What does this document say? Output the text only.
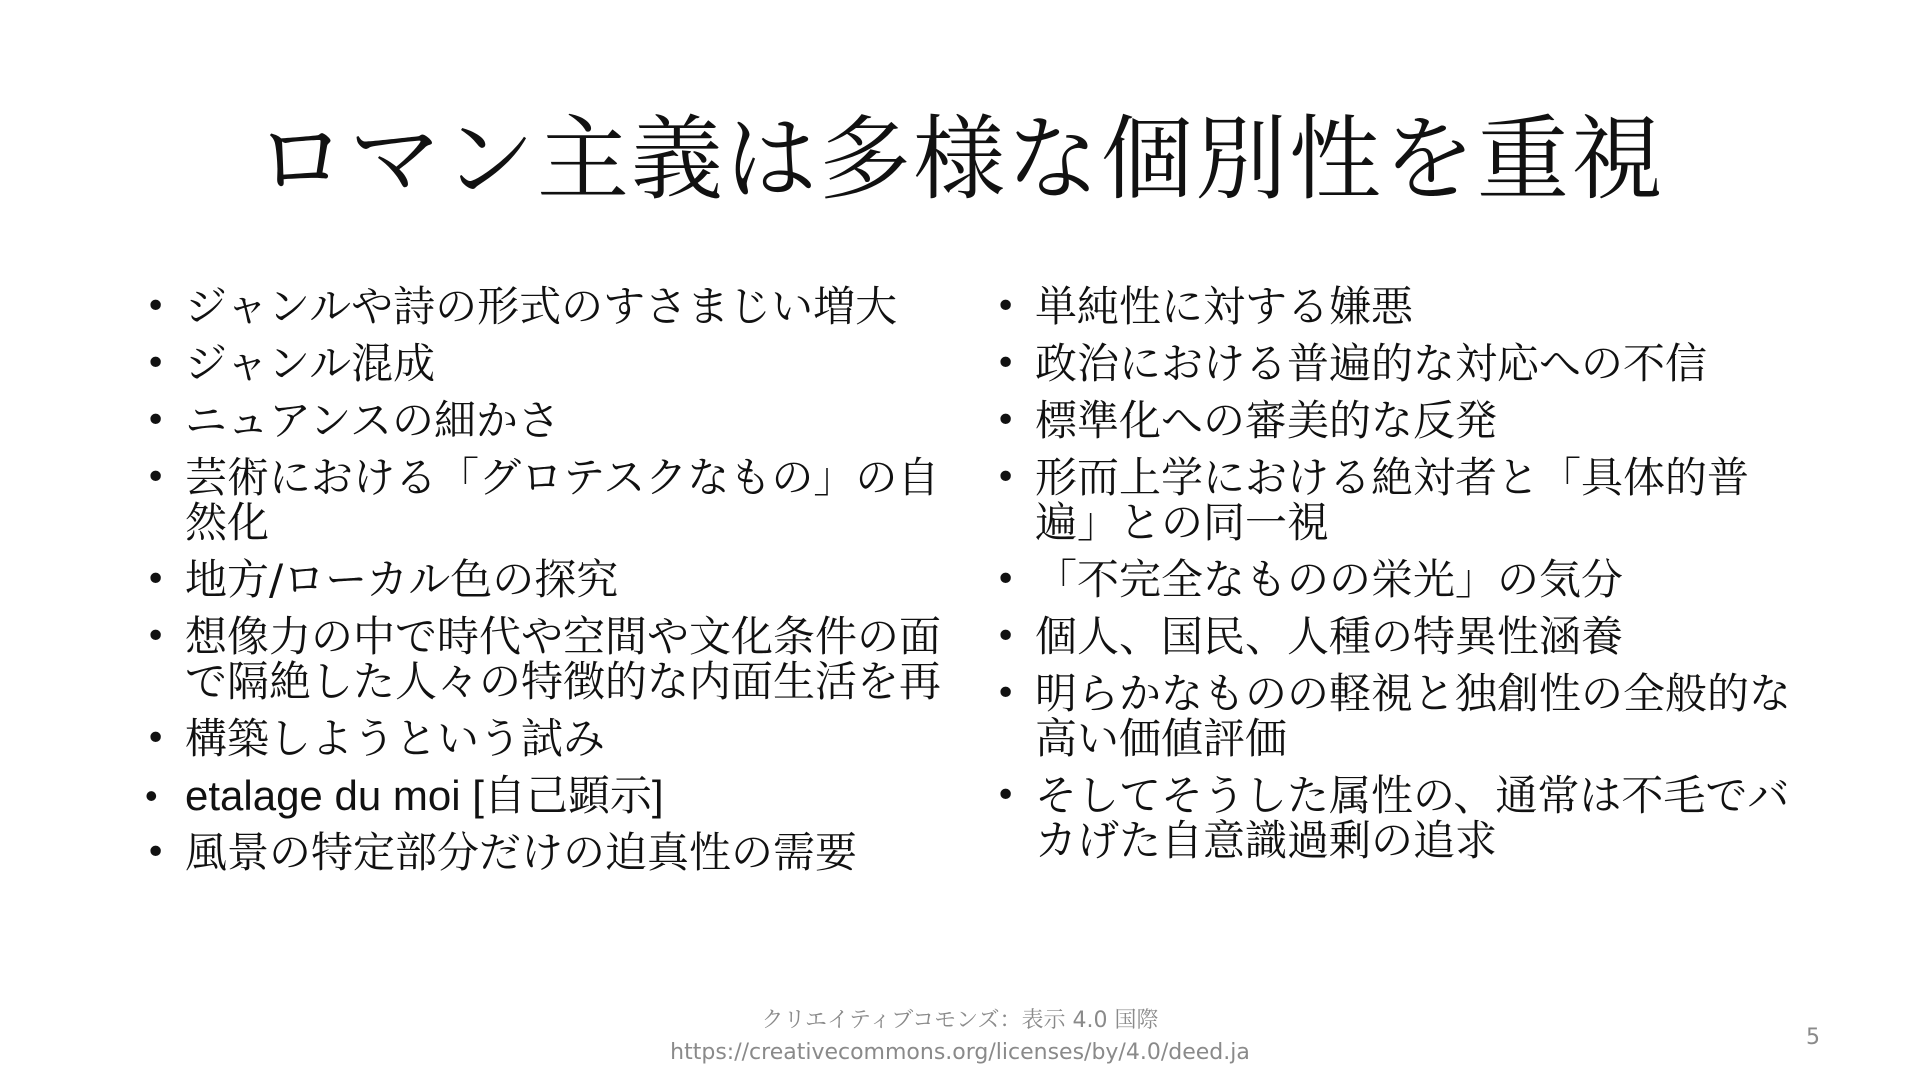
ロマン主義は多様な個別性を重視
• ジャンルや詩の形式のすさまじい増大
• ジャンル混成
• ニュアンスの細かさ
• 芸術における「グロテスクなもの」の自然化
• 地方/ローカル色の探究
• 想像力の中で時代や空間や文化条件の面で隔絶した人々の特徴的な内面生活を再
• 構築しようという試み
• etalage du moi [自己顕示]
• 風景の特定部分だけの迫真性の需要
• 単純性に対する嫌悪
• 政治における普遍的な対応への不信
• 標準化への審美的な反発
• 形而上学における絶対者と「具体的普遍」との同一視
• 「不完全なものの栄光」の気分
• 個人、国民、人種の特異性涵養
• 明らかなものの軽視と独創性の全般的な高い価値評価
• そしてそうした属性の、通常は不毛でバカげた自意識過剰の追求
クリエイティブコモンズ：表示 4.0 国際
https://creativecommons.org/licenses/by/4.0/deed.ja
5
